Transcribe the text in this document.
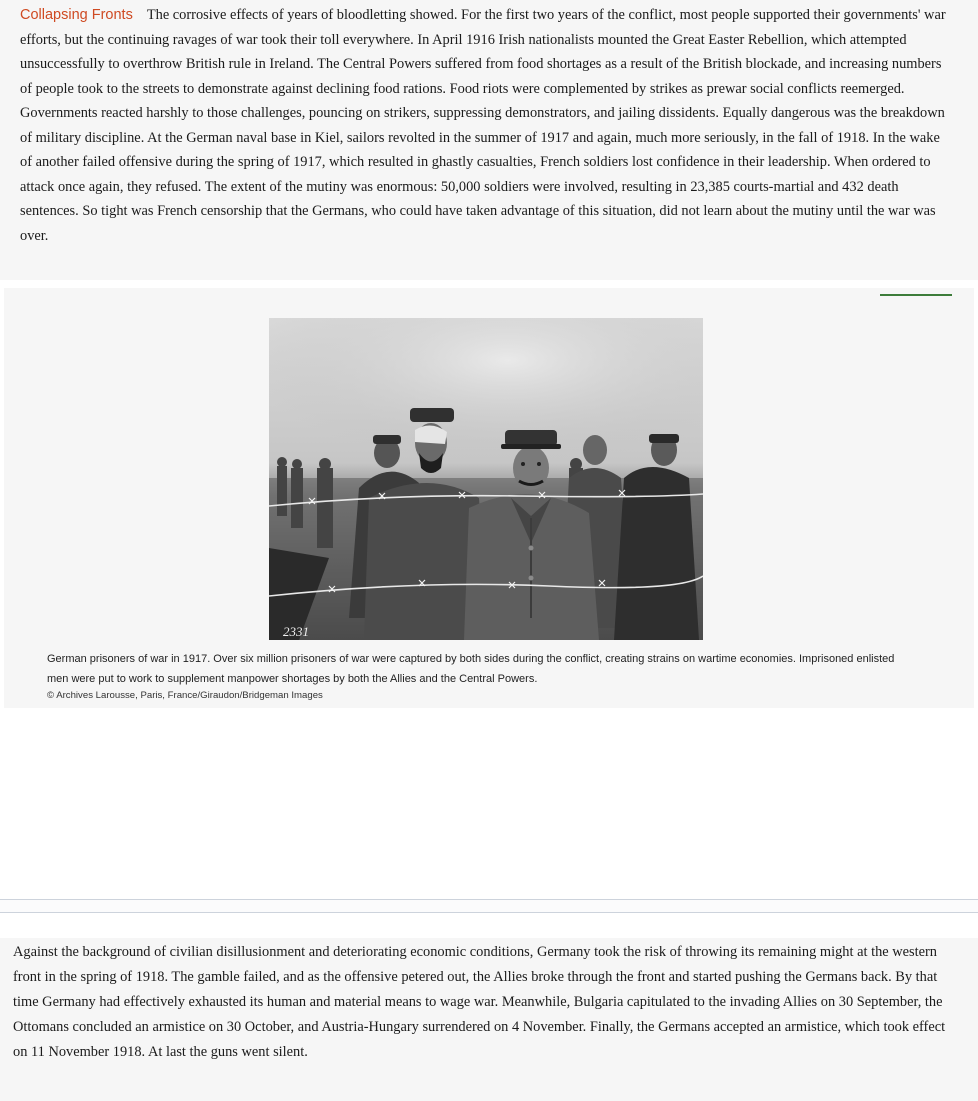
Collapsing Fronts The corrosive effects of years of bloodletting showed. For the first two years of the conflict, most people supported their governments' war efforts, but the continuing ravages of war took their toll everywhere. In April 1916 Irish nationalists mounted the Great Easter Rebellion, which attempted unsuccessfully to overthrow British rule in Ireland. The Central Powers suffered from food shortages as a result of the British blockade, and increasing numbers of people took to the streets to demonstrate against declining food rations. Food riots were complemented by strikes as prewar social conflicts reemerged. Governments reacted harshly to those challenges, pouncing on strikers, suppressing demonstrators, and jailing dissidents. Equally dangerous was the breakdown of military discipline. At the German naval base in Kiel, sailors revolted in the summer of 1917 and again, much more seriously, in the fall of 1918. In the wake of another failed offensive during the spring of 1917, which resulted in ghastly casualties, French soldiers lost confidence in their leadership. When ordered to attack once again, they refused. The extent of the mutiny was enormous: 50,000 soldiers were involved, resulting in 23,385 courts-martial and 432 death sentences. So tight was French censorship that the Germans, who could have taken advantage of this situation, did not learn about the mutiny until the war was over.

2331

German prisoners of war in 1917. Over six million prisoners of war were captured by both sides during the conflict, creating strains on wartime economies. Imprisoned enlisted men were put to work to supplement manpower shortages by both the Allies and the Central Powers.

© Archives Larousse, Paris, France/Giraudon/Bridgeman Images

Against the background of civilian disillusionment and deteriorating economic conditions, Germany took the risk of throwing its remaining might at the western front in the spring of 1918. The gamble failed, and as the offensive petered out, the Allies broke through the front and started pushing the Germans back. By that time Germany had effectively exhausted its human and material means to wage war. Meanwhile, Bulgaria capitulated to the invading Allies on 30 September, the Ottomans concluded an armistice on 30 October, and Austria-Hungary surrendered on 4 November. Finally, the Germans accepted an armistice, which took effect on 11 November 1918. At last the guns went silent.
